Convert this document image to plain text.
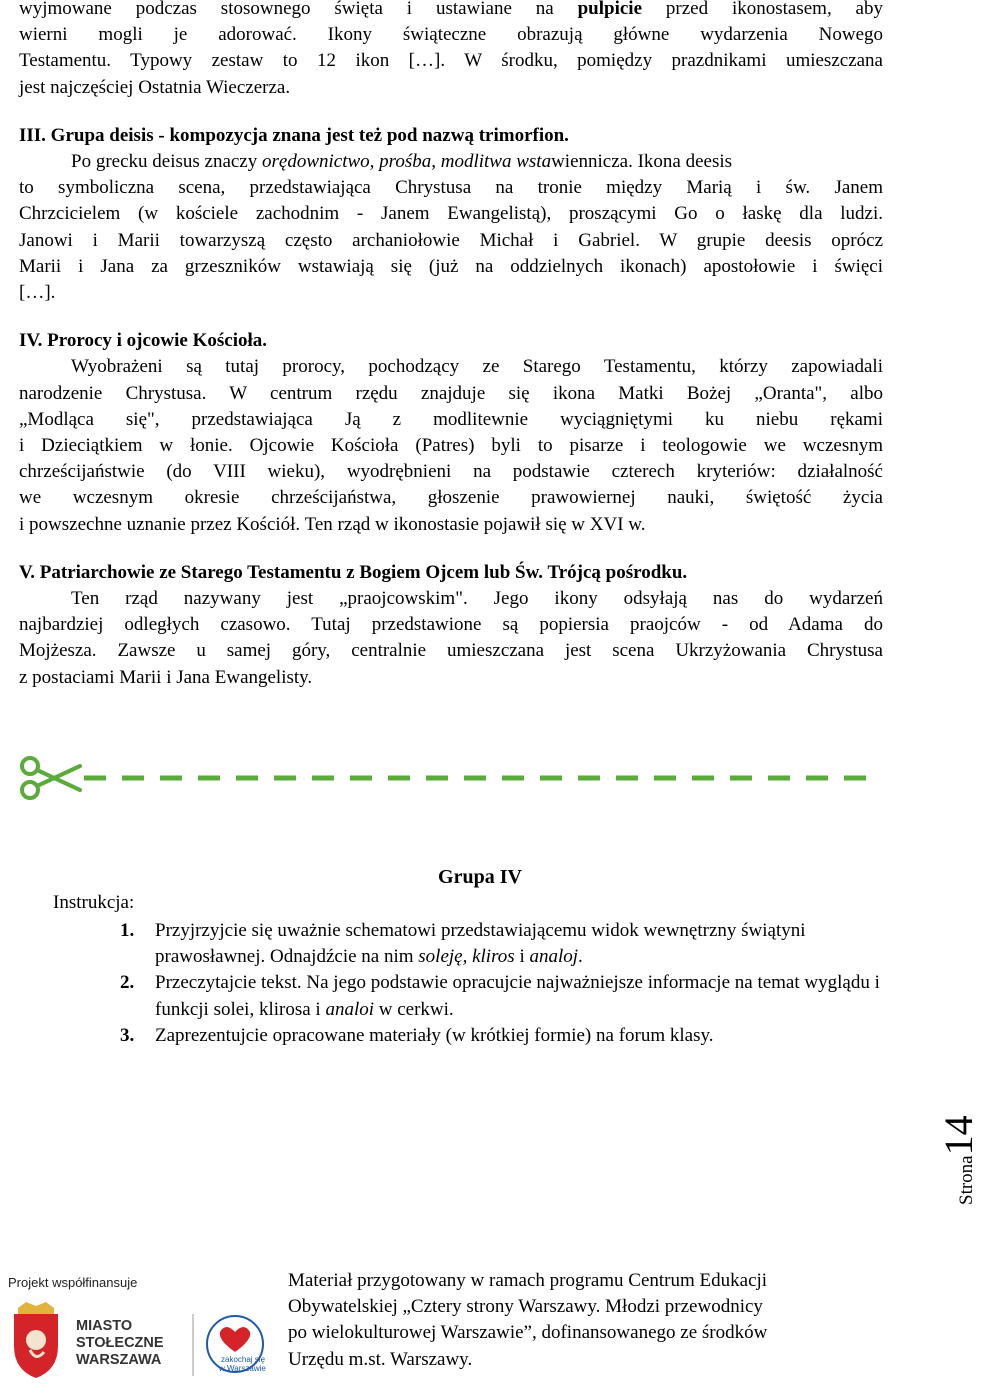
wyjmowane podczas stosownego święta i ustawiane na pulpicie przed ikonostasem, aby

wierni mogli je adorować. Ikony świąteczne obrazują główne wydarzenia Nowego

Testamentu. Typowy zestaw to 12 ikon […]. W środku, pomiędzy prazdnikami umieszczana

jest najczęściej Ostatnia Wieczerza.

III. Grupa deisis - kompozycja znana jest też pod nazwą trimorfion.

Po grecku deisus znaczy orędownictwo, prośba, modlitwa wstawiennicza. Ikona deesis

to symboliczna scena, przedstawiająca Chrystusa na tronie między Marią i św. Janem

Chrzcicielem (w kościele zachodnim - Janem Ewangelistą), proszącymi Go o łaskę dla ludzi.

Janowi i Marii towarzyszą często archaniołowie Michał i Gabriel. W grupie deesis oprócz

Marii i Jana za grzeszników wstawiają się (już na oddzielnych ikonach) apostołowie i święci

[…].

IV. Prorocy i ojcowie Kościoła.

Wyobrażeni są tutaj prorocy, pochodzący ze Starego Testamentu, którzy zapowiadali

narodzenie Chrystusa. W centrum rzędu znajduje się ikona Matki Bożej „Oranta", albo

„Modląca się", przedstawiająca Ją z modlitewnie wyciągniętymi ku niebu rękami

i Dzieciątkiem w łonie. Ojcowie Kościoła (Patres) byli to pisarze i teologowie we wczesnym

chrześcijaństwie (do VIII wieku), wyodrębnieni na podstawie czterech kryteriów: działalność

we wczesnym okresie chrześcijaństwa, głoszenie prawowiernej nauki, świętość życia

i powszechne uznanie przez Kościół. Ten rząd w ikonostasie pojawił się w XVI w.

V. Patriarchowie ze Starego Testamentu z Bogiem Ojcem lub Św. Trójcą pośrodku.

Ten rząd nazywany jest „praojcowskim". Jego ikony odsyłają nas do wydarzeń

najbardziej odległych czasowo. Tutaj przedstawione są popiersia praojców - od Adama do

Mojżesza. Zawsze u samej góry, centralnie umieszczana jest scena Ukrzyżowania Chrystusa

z postaciami Marii i Jana Ewangelisty.

Grupa IV
Instrukcja:
1.	Przyjrzyjcie się uważnie schematowi przedstawiającemu widok wewnętrzny świątyni prawosławnej. Odnajdźcie na nim soleję, kliros i analoj.
2.	Przeczytajcie tekst. Na jego podstawie opracujcie najważniejsze informacje na temat wyglądu i funkcji solei, klirosa i analoi w cerkwi.
3.	Zaprezentujcie opracowane materiały (w krótkiej formie) na forum klasy.
Strona14
Projekt współfinansuje
zakochaj się
w Warszawie
MIASTO
STOŁECZNE
WARSZAWA
Materiał przygotowany w ramach programu Centrum Edukacji
Obywatelskiej „Cztery strony Warszawy. Młodzi przewodnicy
po wielokulturowej Warszawie”, dofinansowanego ze środków
Urzędu m.st. Warszawy.
